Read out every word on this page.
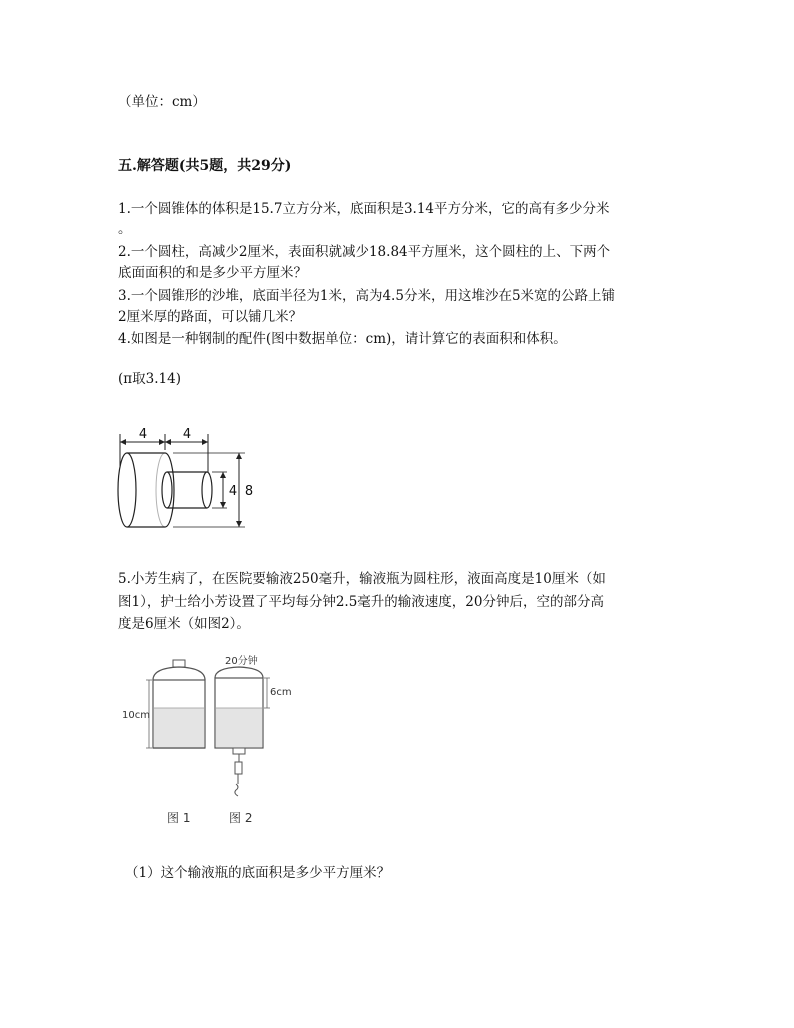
（单位：cm）
五.解答题(共5题，共29分)
1.一个圆锥体的体积是15.7立方分米，底面积是3.14平方分米，它的高有多少分米
。
2.一个圆柱，高减少2厘米，表面积就减少18.84平方厘米，这个圆柱的上、下两个
底面面积的和是多少平方厘米？
3.一个圆锥形的沙堆，底面半径为1米，高为4.5分米，用这堆沙在5米宽的公路上铺
2厘米厚的路面，可以铺几米？
4.如图是一种钢制的配件(图中数据单位：cm)，请计算它的表面积和体积。
(π取3.14)
4	4
4 8
5.小芳生病了，在医院要输液250毫升，输液瓶为圆柱形，液面高度是10厘米（如
图1），护士给小芳设置了平均每分钟2.5毫升的输液速度，20分钟后，空的部分高
度是6厘米（如图2）。
10cm
20分钟
6cm
图 1	图 2
（1）这个输液瓶的底面积是多少平方厘米？
